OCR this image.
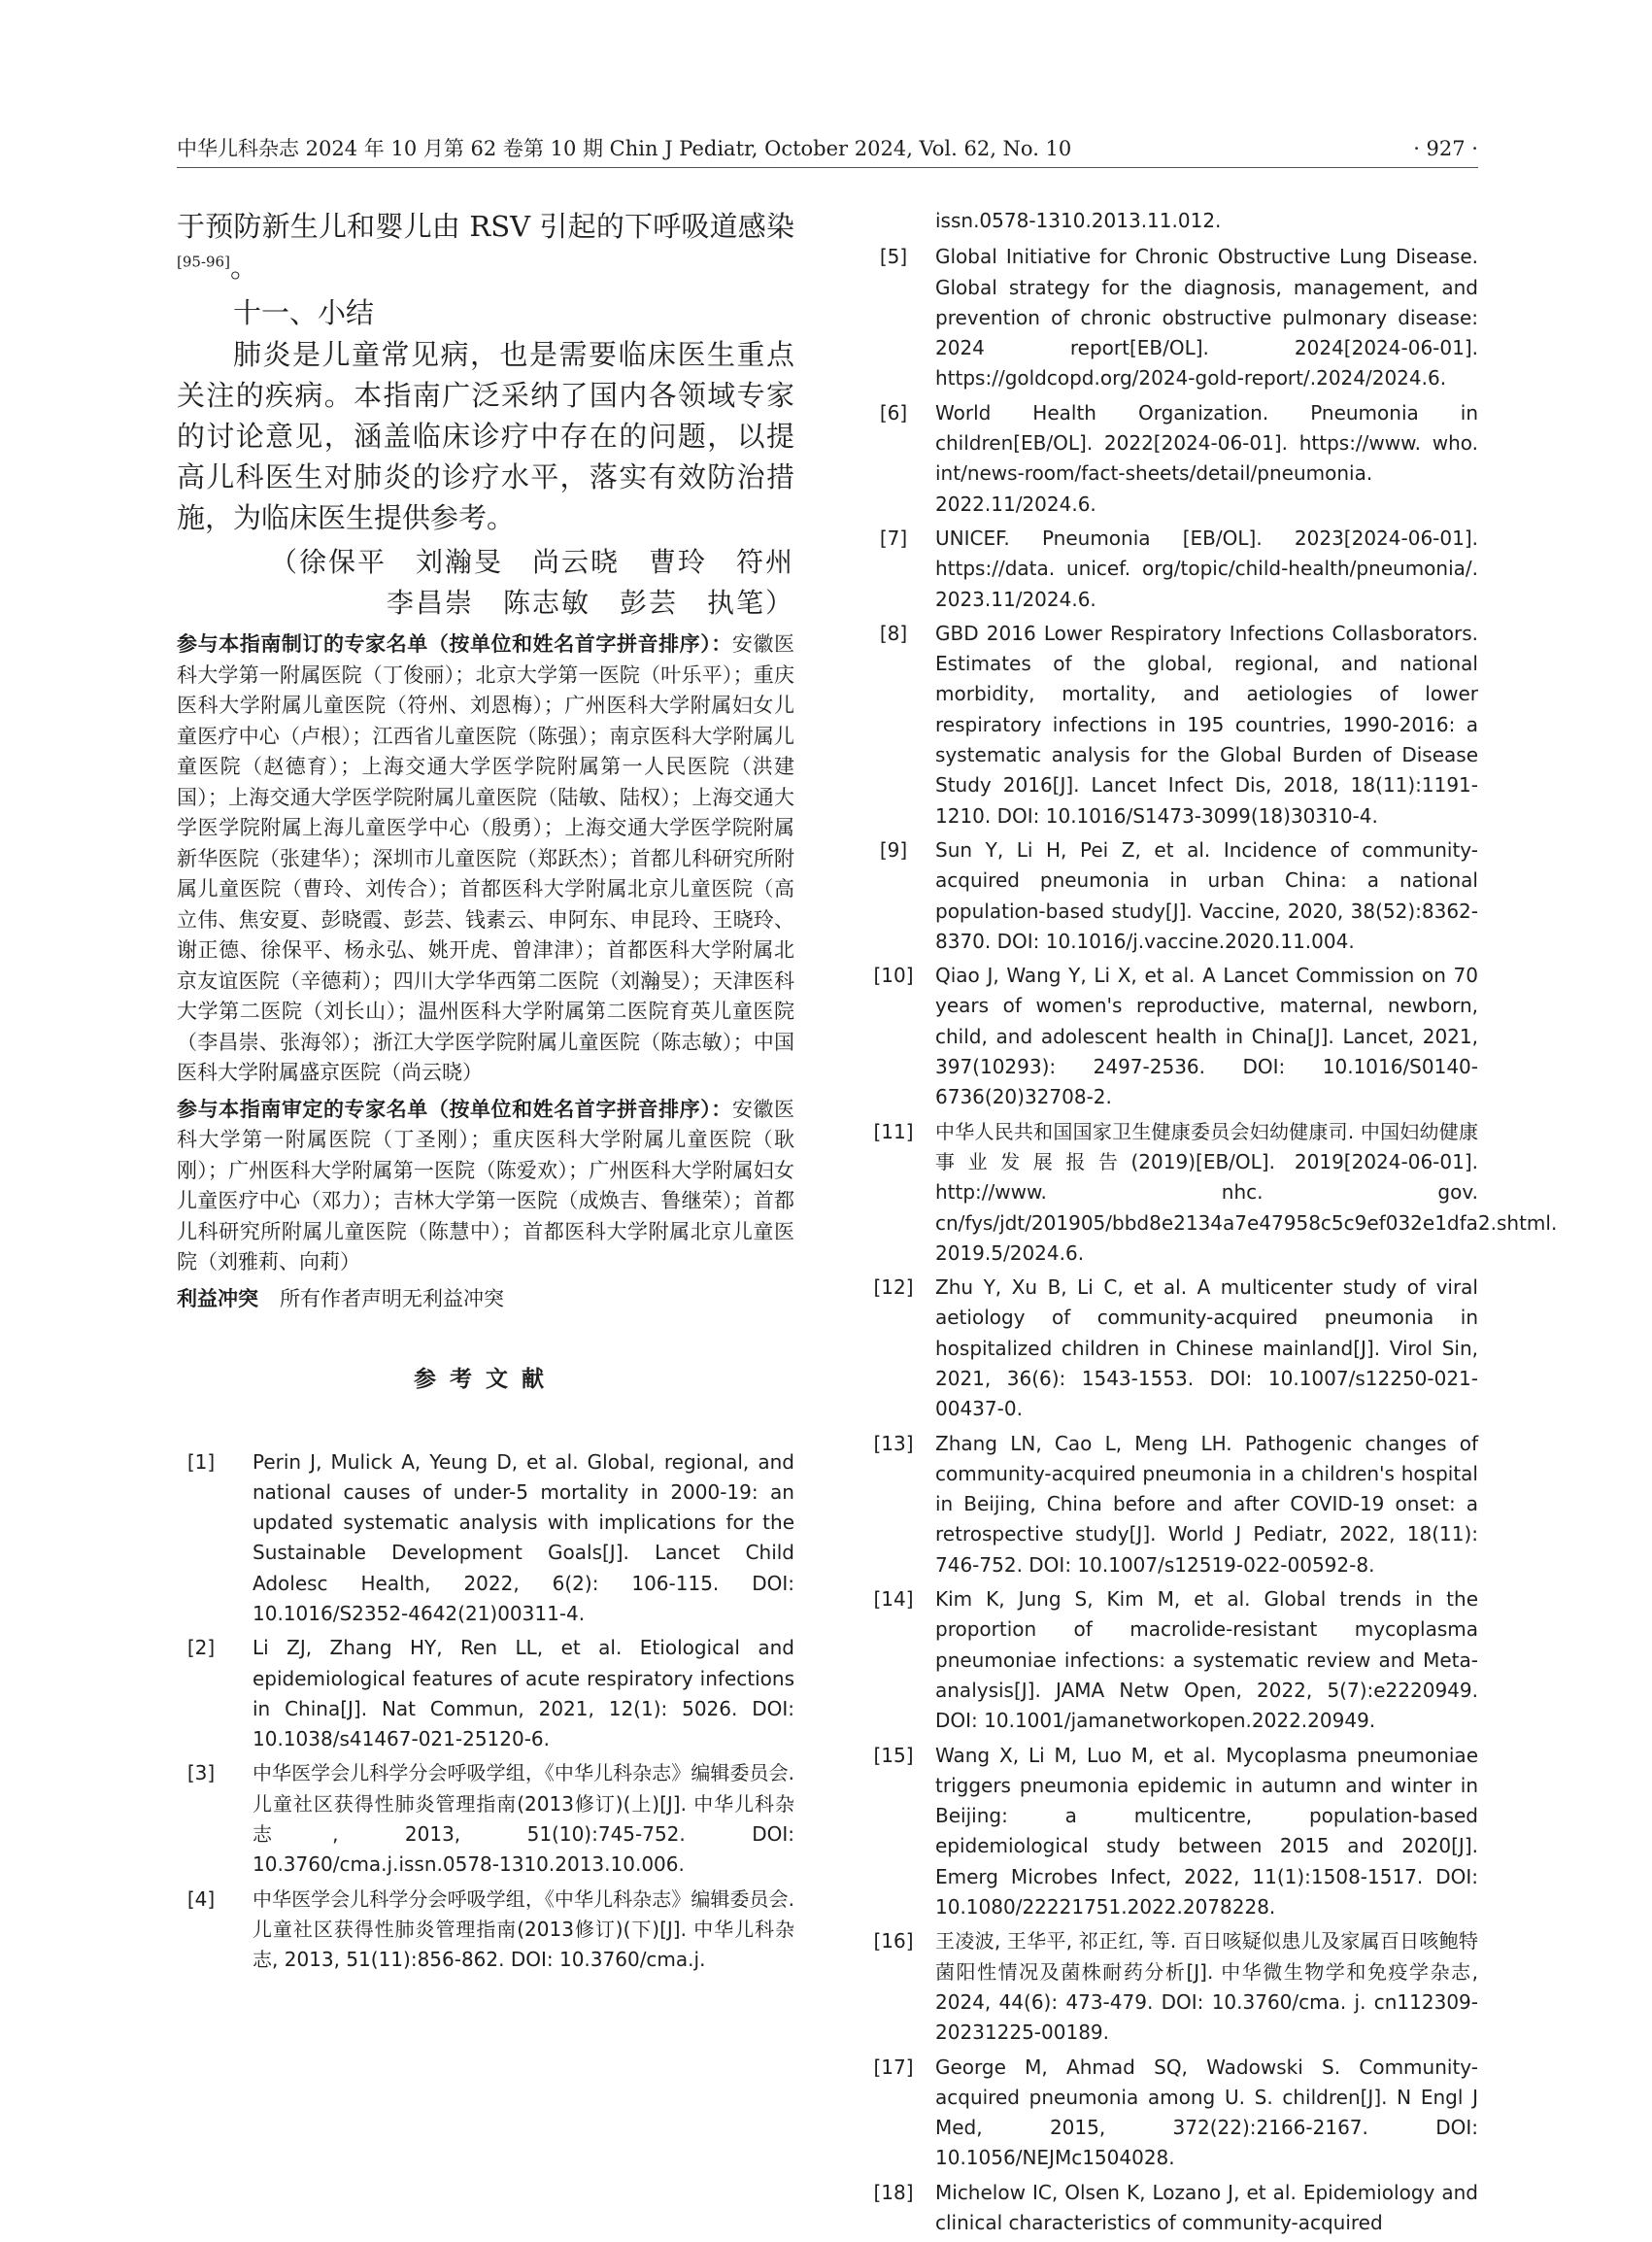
中华儿科杂志 2024 年 10 月第 62 卷第 10 期 Chin J Pediatr, October 2024, Vol. 62, No. 10	· 927 ·

于预防新生儿和婴儿由 RSV 引起的下呼吸道感染[95-96]。

十一、小结

肺炎是儿童常见病，也是需要临床医生重点关注的疾病。本指南广泛采纳了国内各领域专家的讨论意见，涵盖临床诊疗中存在的问题，以提高儿科医生对肺炎的诊疗水平，落实有效防治措施，为临床医生提供参考。

（徐保平　刘瀚旻　尚云晓　曹玲　符州

李昌崇　陈志敏　彭芸　执笔）

参与本指南制订的专家名单（按单位和姓名首字拼音排序）：安徽医科大学第一附属医院（丁俊丽）；北京大学第一医院（叶乐平）；重庆医科大学附属儿童医院（符州、刘恩梅）；广州医科大学附属妇女儿童医疗中心（卢根）；江西省儿童医院（陈强）；南京医科大学附属儿童医院（赵德育）；上海交通大学医学院附属第一人民医院（洪建国）；上海交通大学医学院附属儿童医院（陆敏、陆权）；上海交通大学医学院附属上海儿童医学中心（殷勇）；上海交通大学医学院附属新华医院（张建华）；深圳市儿童医院（郑跃杰）；首都儿科研究所附属儿童医院（曹玲、刘传合）；首都医科大学附属北京儿童医院（高立伟、焦安夏、彭晓霞、彭芸、钱素云、申阿东、申昆玲、王晓玲、谢正德、徐保平、杨永弘、姚开虎、曾津津）；首都医科大学附属北京友谊医院（辛德莉）；四川大学华西第二医院（刘瀚旻）；天津医科大学第二医院（刘长山）；温州医科大学附属第二医院育英儿童医院（李昌崇、张海邻）；浙江大学医学院附属儿童医院（陈志敏）；中国医科大学附属盛京医院（尚云晓）

参与本指南审定的专家名单（按单位和姓名首字拼音排序）：安徽医科大学第一附属医院（丁圣刚）；重庆医科大学附属儿童医院（耿刚）；广州医科大学附属第一医院（陈爱欢）；广州医科大学附属妇女儿童医疗中心（邓力）；吉林大学第一医院（成焕吉、鲁继荣）；首都儿科研究所附属儿童医院（陈慧中）；首都医科大学附属北京儿童医院（刘雅莉、向莉）

利益冲突 所有作者声明无利益冲突

参考文献
[1]	Perin J, Mulick A, Yeung D, et al. Global, regional, and national causes of under-5 mortality in 2000-19: an updated systematic analysis with implications for the Sustainable Development Goals[J]. Lancet Child Adolesc Health, 2022, 6(2): 106-115. DOI: 10.1016/S2352-4642(21)00311-4.
[2]	Li ZJ, Zhang HY, Ren LL, et al. Etiological and epidemiological features of acute respiratory infections in China[J]. Nat Commun, 2021, 12(1): 5026. DOI: 10.1038/s41467-021-25120-6.
[3]	中华医学会儿科学分会呼吸学组，《中华儿科杂志》编辑委员会. 儿童社区获得性肺炎管理指南(2013修订)(上)[J]. 中华儿科杂志, 2013, 51(10):745-752. DOI: 10.3760/cma.j.issn.0578-1310.2013.10.006.
[4]	中华医学会儿科学分会呼吸学组，《中华儿科杂志》编辑委员会. 儿童社区获得性肺炎管理指南(2013修订)(下)[J]. 中华儿科杂志, 2013, 51(11):856-862. DOI: 10.3760/cma.j.

issn.0578-1310.2013.11.012.

[5]	Global Initiative for Chronic Obstructive Lung Disease. Global strategy for the diagnosis, management, and prevention of chronic obstructive pulmonary disease: 2024 report[EB/OL]. 2024[2024-06-01]. https://goldcopd.org/2024-gold-report/.2024/2024.6.
[6]	World Health Organization. Pneumonia in children[EB/OL]. 2022[2024-06-01]. https://www. who. int/news-room/fact-sheets/detail/pneumonia. 2022.11/2024.6.
[7]	UNICEF. Pneumonia [EB/OL]. 2023[2024-06-01]. https://data. unicef. org/topic/child-health/pneumonia/. 2023.11/2024.6.
[8]	GBD 2016 Lower Respiratory Infections Collasborators. Estimates of the global, regional, and national morbidity, mortality, and aetiologies of lower respiratory infections in 195 countries, 1990-2016: a systematic analysis for the Global Burden of Disease Study 2016[J]. Lancet Infect Dis, 2018, 18(11):1191-1210. DOI: 10.1016/S1473-3099(18)30310-4.
[9]	Sun Y, Li H, Pei Z, et al. Incidence of community-acquired pneumonia in urban China: a national population-based study[J]. Vaccine, 2020, 38(52):8362-8370. DOI: 10.1016/j.vaccine.2020.11.004.
[10]	Qiao J, Wang Y, Li X, et al. A Lancet Commission on 70 years of women's reproductive, maternal, newborn, child, and adolescent health in China[J]. Lancet, 2021, 397(10293): 2497-2536. DOI: 10.1016/S0140-6736(20)32708-2.
[11]	中华人民共和国国家卫生健康委员会妇幼健康司. 中国妇幼健康事业发展报告(2019)[EB/OL]. 2019[2024-06-01]. http://www. nhc. gov. cn/fys/jdt/201905/bbd8e2134a7e47958c5c9ef032e1dfa2.shtml. 2019.5/2024.6.
[12]	Zhu Y, Xu B, Li C, et al. A multicenter study of viral aetiology of community-acquired pneumonia in hospitalized children in Chinese mainland[J]. Virol Sin, 2021, 36(6): 1543-1553. DOI: 10.1007/s12250-021-00437-0.
[13]	Zhang LN, Cao L, Meng LH. Pathogenic changes of community-acquired pneumonia in a children's hospital in Beijing, China before and after COVID-19 onset: a retrospective study[J]. World J Pediatr, 2022, 18(11): 746-752. DOI: 10.1007/s12519-022-00592-8.
[14]	Kim K, Jung S, Kim M, et al. Global trends in the proportion of macrolide-resistant mycoplasma pneumoniae infections: a systematic review and Meta-analysis[J]. JAMA Netw Open, 2022, 5(7):e2220949. DOI: 10.1001/jamanetworkopen.2022.20949.
[15]	Wang X, Li M, Luo M, et al. Mycoplasma pneumoniae triggers pneumonia epidemic in autumn and winter in Beijing: a multicentre, population-based epidemiological study between 2015 and 2020[J]. Emerg Microbes Infect, 2022, 11(1):1508-1517. DOI: 10.1080/22221751.2022.2078228.
[16]	王凌波, 王华平, 祁正红, 等. 百日咳疑似患儿及家属百日咳鲍特菌阳性情况及菌株耐药分析[J]. 中华微生物学和免疫学杂志, 2024, 44(6): 473-479. DOI: 10.3760/cma. j. cn112309-20231225-00189.
[17]	George M, Ahmad SQ, Wadowski S. Community-acquired pneumonia among U. S. children[J]. N Engl J Med, 2015, 372(22):2166-2167. DOI: 10.1056/NEJMc1504028.
[18]	Michelow IC, Olsen K, Lozano J, et al. Epidemiology and clinical characteristics of community-acquired
